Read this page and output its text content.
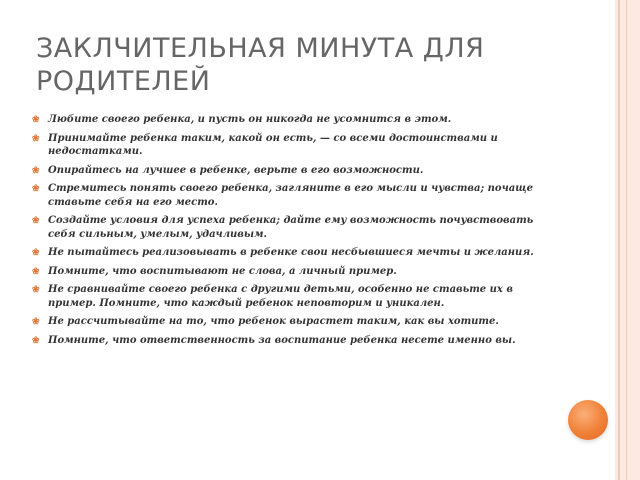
ЗАКЛЧИТЕЛЬНАЯ МИНУТА ДЛЯ РОДИТЕЛЕЙ
❀ Любите своего ребенка, и пусть он никогда не усомнится в этом.
❀ Принимайте ребенка таким, какой он есть, — со всеми достоинствами и недостатками.
❀ Опирайтесь на лучшее в ребенке, верьте в его возможности.
❀ Стремитесь понять своего ребенка, загляните в его мысли и чувства; почаще ставьте себя на его место.
❀ Создайте условия для успеха ребенка; дайте ему возможность почувствовать себя сильным, умелым, удачливым.
❀ Не пытайтесь реализовывать в ребенке свои несбывшиеся мечты и желания.
❀ Помните, что воспитывают не слова, а личный пример.
❀ Не сравнивайте своего ребенка с другими детьми, особенно не ставьте их в пример. Помните, что каждый ребенок неповторим и уникален.
❀ Не рассчитывайте на то, что ребенок вырастет таким, как вы хотите.
❀ Помните, что ответственность за воспитание ребенка несете именно вы.
